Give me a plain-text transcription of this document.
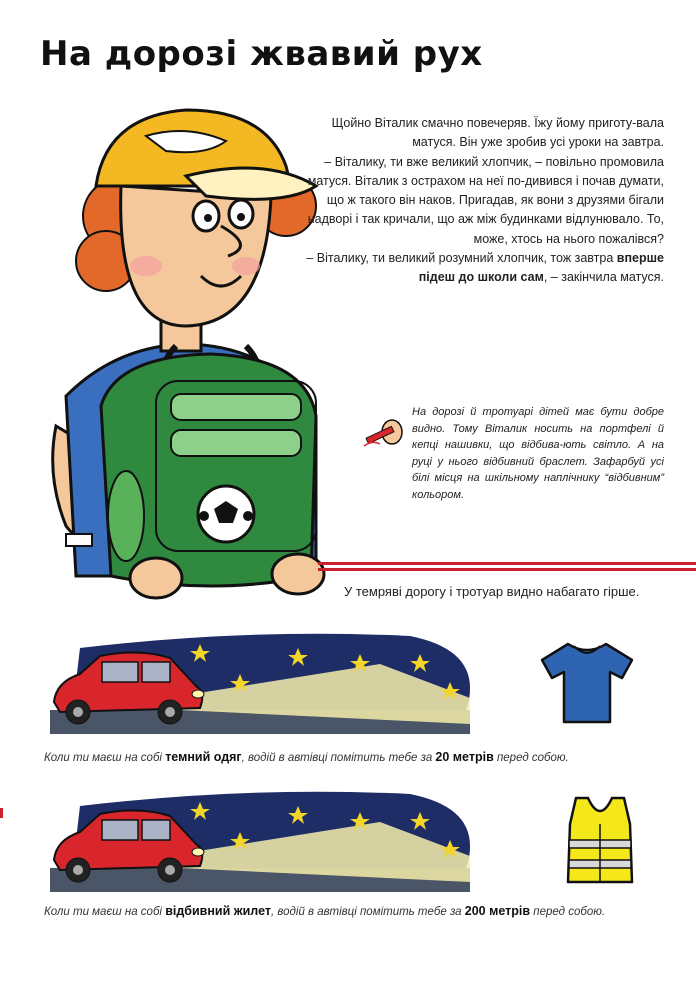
На дорозі жвавий рух

Щойно Віталик смачно повечеряв. Їжу йому приготу-вала матуся. Він уже зробив усі уроки на завтра.

– Віталику, ти вже великий хлопчик, – повільно промовила матуся. Віталик з острахом на неї по-дивився і почав думати, що ж такого він наков. Пригадав, як вони з друзями бігали надворі і так кричали, що аж між будинками відлунювало. То, може, хтось на нього пожалівся?

– Віталику, ти великий розумний хлопчик, тож завтра вперше підеш до школи сам, – закінчила матуся.

На дорозі й тротуарі дітей має бути добре видно. Тому Віталик носить на портфелі й кепці нашивки, що відбива-ють світло. А на руці у нього відбивний браслет. Зафарбуй усі білі місця на шкільному наплічнику “відбивним” кольором.
У темряві дорогу і тротуар видно набагато гірше.
Коли ти маєш на собі темний одяг, водій в автівці помітить тебе за 20 метрів перед собою.
Коли ти маєш на собі відбивний жилет, водій в автівці помітить тебе за 200 метрів перед собою.
